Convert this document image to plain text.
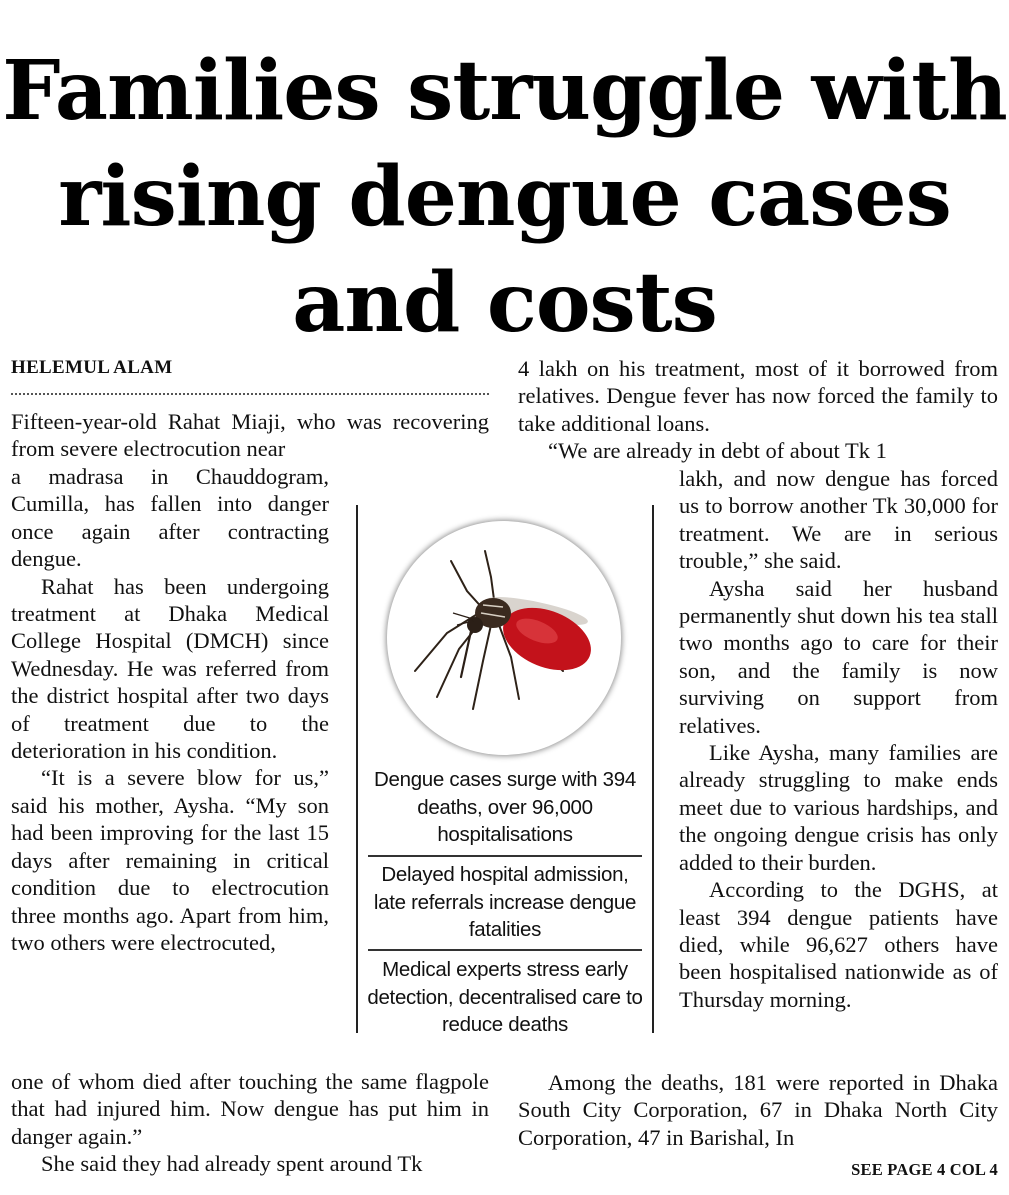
Families struggle with rising dengue cases and costs
HELEMUL ALAM

Fifteen-year-old Rahat Miaji, who was recovering from severe electrocution near

a madrasa in Chauddogram, Cumilla, has fallen into danger once again after contracting dengue.

Rahat has been undergoing treatment at Dhaka Medical College Hospital (DMCH) since Wednesday. He was referred from the district hospital after two days of treatment due to the deterioration in his condition.

“It is a severe blow for us,” said his mother, Aysha. “My son had been improving for the last 15 days after remaining in critical condition due to electrocution three months ago. Apart from him, two others were electrocuted,

one of whom died after touching the same flagpole that had injured him. Now dengue has put him in danger again.”

She said they had already spent around Tk

4 lakh on his treatment, most of it borrowed from relatives. Dengue fever has now forced the family to take additional loans.

“We are already in debt of about Tk 1

lakh, and now dengue has forced us to borrow another Tk 30,000 for treatment. We are in serious trouble,” she said.

Aysha said her husband permanently shut down his tea stall two months ago to care for their son, and the family is now surviving on support from relatives.

Like Aysha, many families are already struggling to make ends meet due to various hardships, and the ongoing dengue crisis has only added to their burden.

According to the DGHS, at least 394 dengue patients have died, while 96,627 others have been hospitalised nationwide as of Thursday morning.

Among the deaths, 181 were reported in Dhaka South City Corporation, 67 in Dhaka North City Corporation, 47 in Barishal, In

Dengue cases surge with 394 deaths, over 96,000 hospitalisations
Delayed hospital admission, late referrals increase dengue fatalities
Medical experts stress early detection, decentralised care to reduce deaths
SEE PAGE 4 COL 4
